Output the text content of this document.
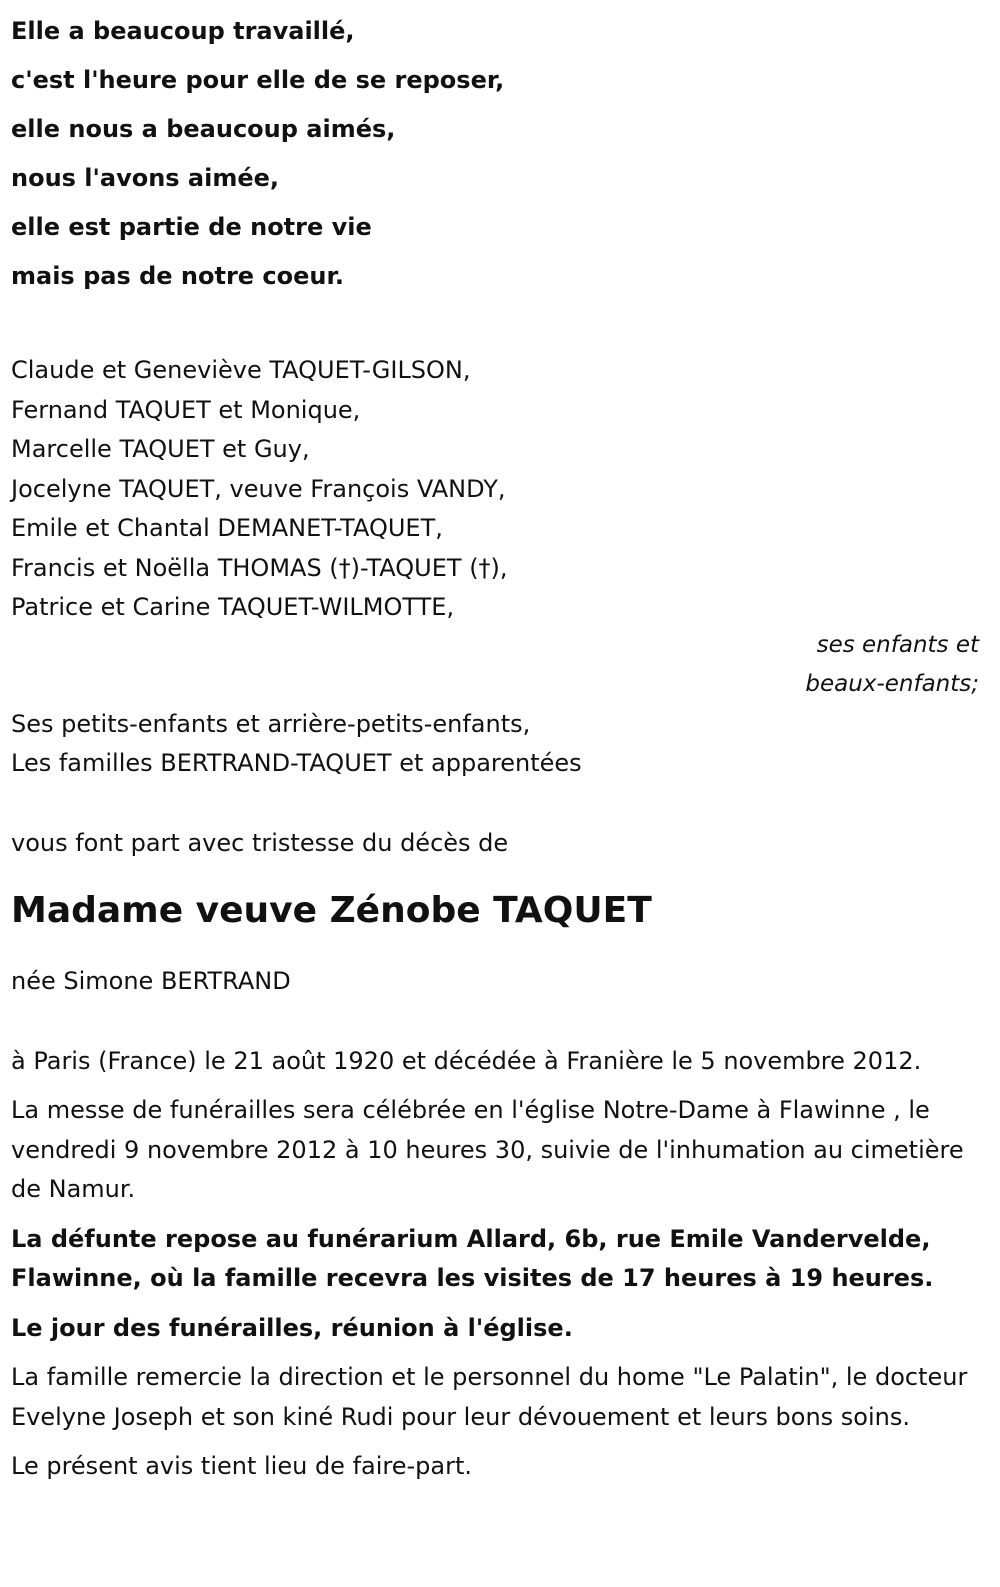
Elle a beaucoup travaillé,
c'est l'heure pour elle de se reposer,
elle nous a beaucoup aimés,
nous l'avons aimée,
elle est partie de notre vie
mais pas de notre coeur.
Claude et Geneviève TAQUET-GILSON,
Fernand TAQUET et Monique,
Marcelle TAQUET et Guy,
Jocelyne TAQUET, veuve François VANDY,
Emile et Chantal DEMANET-TAQUET,
Francis et Noëlla THOMAS (†)-TAQUET (†),
Patrice et Carine TAQUET-WILMOTTE,
ses enfants et
beaux-enfants;
Ses petits-enfants et arrière-petits-enfants,
Les familles BERTRAND-TAQUET et apparentées
vous font part avec tristesse du décès de
Madame veuve Zénobe TAQUET
née Simone BERTRAND

à Paris (France) le 21 août 1920 et décédée à Franière le 5 novembre 2012.

La messe de funérailles sera célébrée en l'église Notre-Dame à Flawinne , le vendredi 9 novembre 2012 à 10 heures 30, suivie de l'inhumation au cimetière de Namur.

La défunte repose au funérarium Allard, 6b, rue Emile Vandervelde, Flawinne, où la famille recevra les visites de 17 heures à 19 heures.

Le jour des funérailles, réunion à l'église.

La famille remercie la direction et le personnel du home "Le Palatin", le docteur Evelyne Joseph et son kiné Rudi pour leur dévouement et leurs bons soins.

Le présent avis tient lieu de faire-part.
